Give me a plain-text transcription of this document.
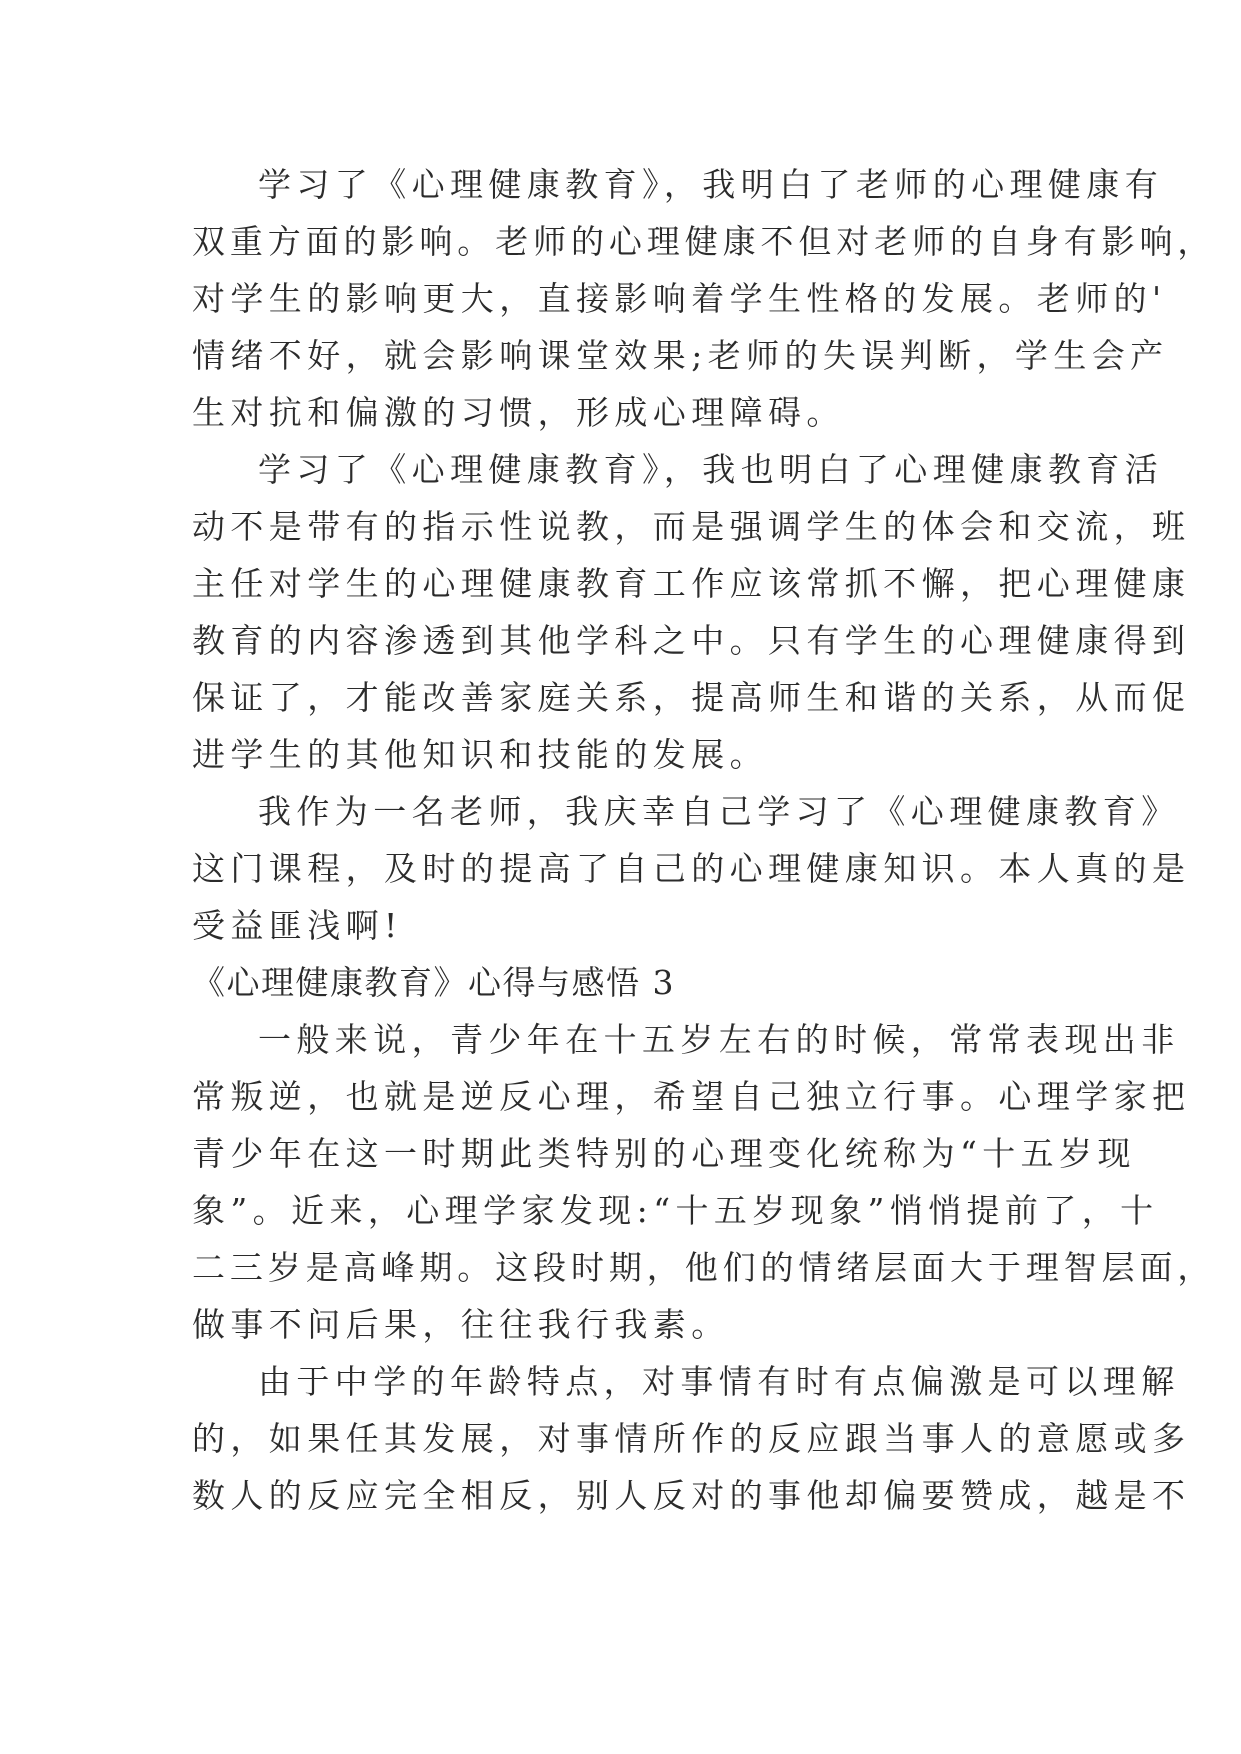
学习了《心理健康教育》，我明白了老师的心理健康有
双重方面的影响。老师的心理健康不但对老师的自身有影响，
对学生的影响更大，直接影响着学生性格的发展。老师的'
情绪不好，就会影响课堂效果;老师的失误判断，学生会产
生对抗和偏激的习惯，形成心理障碍。
学习了《心理健康教育》，我也明白了心理健康教育活
动不是带有的指示性说教，而是强调学生的体会和交流，班
主任对学生的心理健康教育工作应该常抓不懈，把心理健康
教育的内容渗透到其他学科之中。只有学生的心理健康得到
保证了，才能改善家庭关系，提高师生和谐的关系，从而促
进学生的其他知识和技能的发展。
我作为一名老师，我庆幸自己学习了《心理健康教育》
这门课程，及时的提高了自己的心理健康知识。本人真的是
受益匪浅啊!
《心理健康教育》心得与感悟 3
一般来说，青少年在十五岁左右的时候，常常表现出非
常叛逆，也就是逆反心理，希望自己独立行事。心理学家把
青少年在这一时期此类特别的心理变化统称为“十五岁现
象”。近来，心理学家发现:“十五岁现象”悄悄提前了，十
二三岁是高峰期。这段时期，他们的情绪层面大于理智层面，
做事不问后果，往往我行我素。
由于中学的年龄特点，对事情有时有点偏激是可以理解
的，如果任其发展，对事情所作的反应跟当事人的意愿或多
数人的反应完全相反，别人反对的事他却偏要赞成，越是不
